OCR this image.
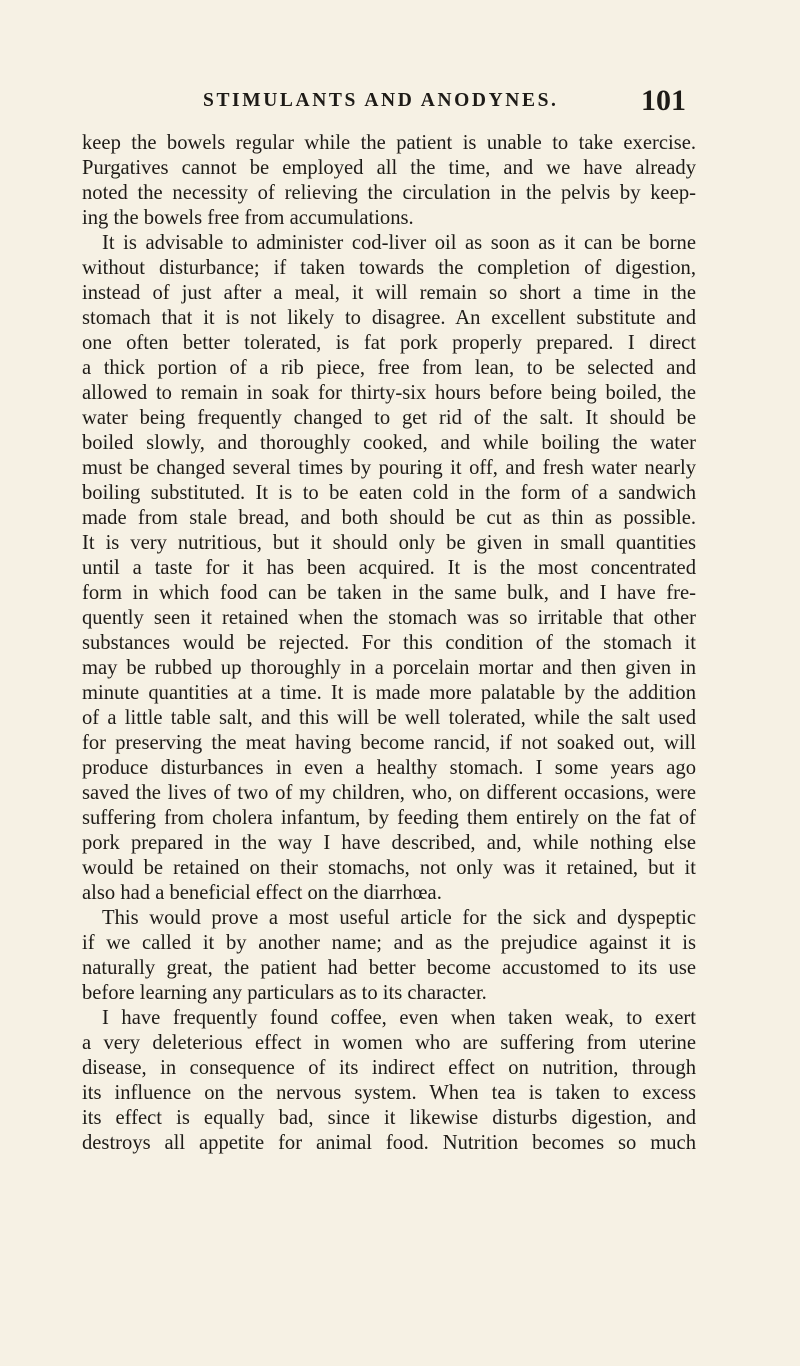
STIMULANTS AND ANODYNES.	101
keep the bowels regular while the patient is unable to take exercise.
Purgatives cannot be employed all the time, and we have already
noted the necessity of relieving the circulation in the pelvis by keep-
ing the bowels free from accumulations.
It is advisable to administer cod-liver oil as soon as it can be borne
without disturbance; if taken towards the completion of digestion,
instead of just after a meal, it will remain so short a time in the
stomach that it is not likely to disagree. An excellent substitute and
one often better tolerated, is fat pork properly prepared. I direct
a thick portion of a rib piece, free from lean, to be selected and
allowed to remain in soak for thirty-six hours before being boiled, the
water being frequently changed to get rid of the salt. It should be
boiled slowly, and thoroughly cooked, and while boiling the water
must be changed several times by pouring it off, and fresh water nearly
boiling substituted. It is to be eaten cold in the form of a sandwich
made from stale bread, and both should be cut as thin as possible.
It is very nutritious, but it should only be given in small quantities
until a taste for it has been acquired. It is the most concentrated
form in which food can be taken in the same bulk, and I have fre-
quently seen it retained when the stomach was so irritable that other
substances would be rejected. For this condition of the stomach it
may be rubbed up thoroughly in a porcelain mortar and then given in
minute quantities at a time. It is made more palatable by the addition
of a little table salt, and this will be well tolerated, while the salt used
for preserving the meat having become rancid, if not soaked out, will
produce disturbances in even a healthy stomach. I some years ago
saved the lives of two of my children, who, on different occasions, were
suffering from cholera infantum, by feeding them entirely on the fat of
pork prepared in the way I have described, and, while nothing else
would be retained on their stomachs, not only was it retained, but it
also had a beneficial effect on the diarrhœa.
This would prove a most useful article for the sick and dyspeptic
if we called it by another name; and as the prejudice against it is
naturally great, the patient had better become accustomed to its use
before learning any particulars as to its character.
I have frequently found coffee, even when taken weak, to exert
a very deleterious effect in women who are suffering from uterine
disease, in consequence of its indirect effect on nutrition, through
its influence on the nervous system. When tea is taken to excess
its effect is equally bad, since it likewise disturbs digestion, and
destroys all appetite for animal food. Nutrition becomes so much
